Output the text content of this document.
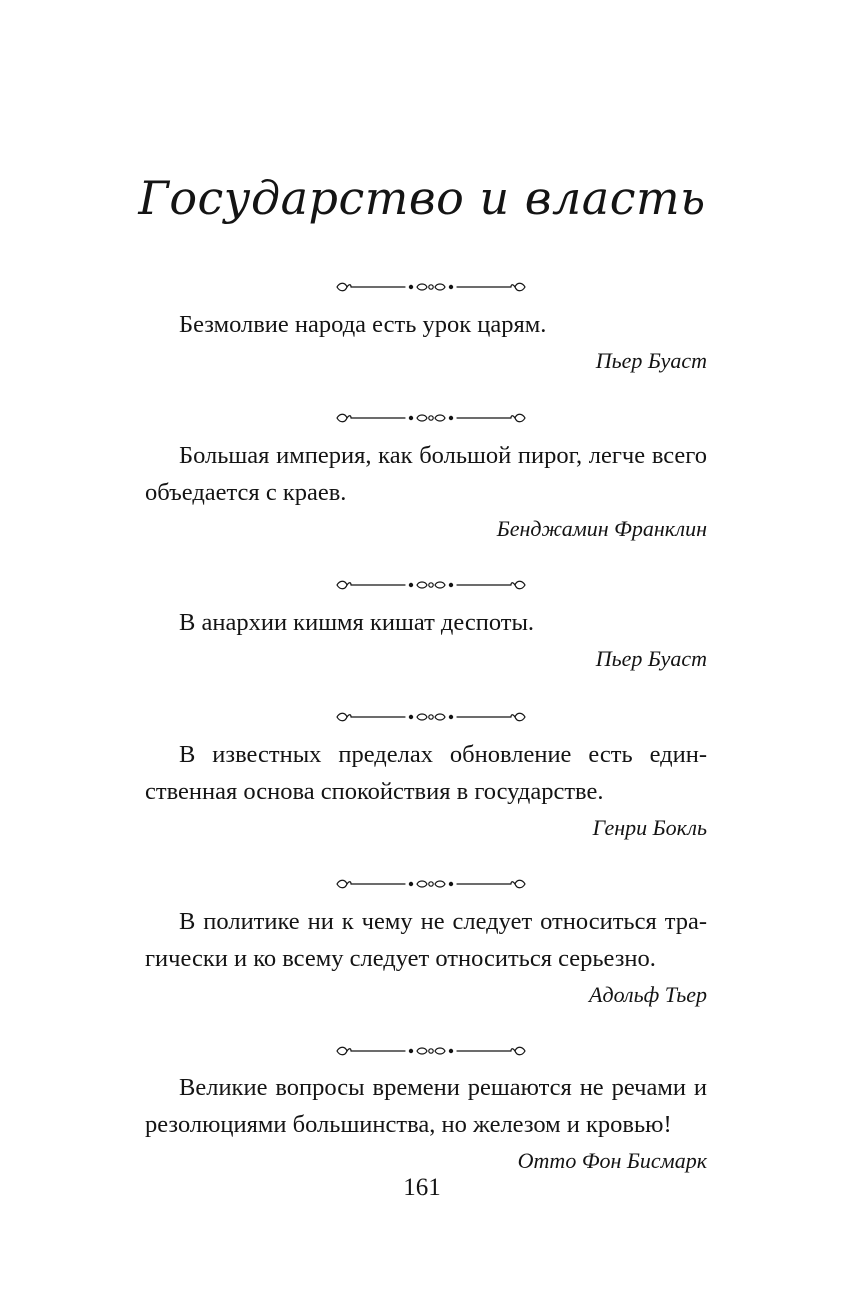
Государство и власть

Безмолвие народа есть урок царям.

Пьер Буаст

Большая империя, как большой пирог, легче всего объедается с краев.

Бенджамин Франклин

В анархии кишмя кишат деспоты.

Пьер Буаст

В известных пределах обновление есть единственная основа спокойствия в государстве.

Генри Бокль

В политике ни к чему не следует относиться трагически и ко всему следует относиться серьезно.

Адольф Тьер

Великие вопросы времени решаются не речами и резолюциями большинства, но железом и кровью!

Отто Фон Бисмарк

161
